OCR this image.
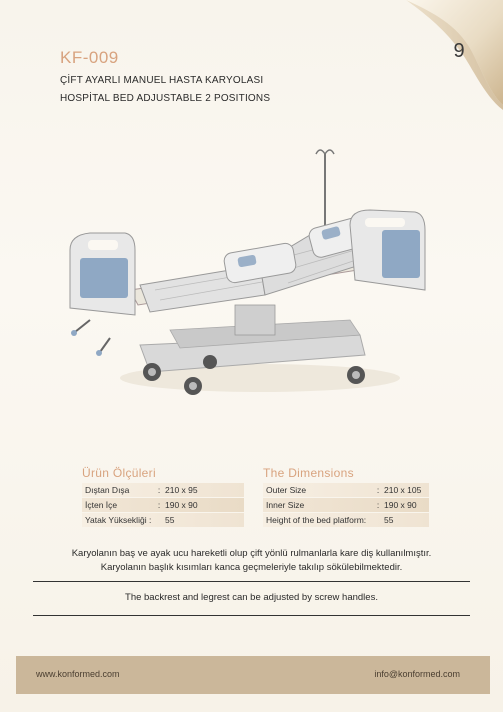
9
KF-009
ÇİFT AYARLI MANUEL HASTA KARYOLASI
HOSPİTAL BED ADJUSTABLE 2 POSITIONS
Ürün Ölçüleri
Dıştan Dışa	: 210 x 95
İçten İçe	: 190 x 90
Yatak Yüksekliği :	55
The Dimensions
Outer Size	: 210 x 105
Inner Size	: 190 x 90
Height of the bed platform:	55
Karyolanın baş ve ayak ucu hareketli olup çift yönlü rulmanlarla kare diş kullanılmıştır.
Karyolanın başlık kısımları kanca geçmeleriyle takılıp sökülebilmektedir.
The backrest and legrest can be adjusted by screw handles.
www.konformed.com	info@konformed.com
